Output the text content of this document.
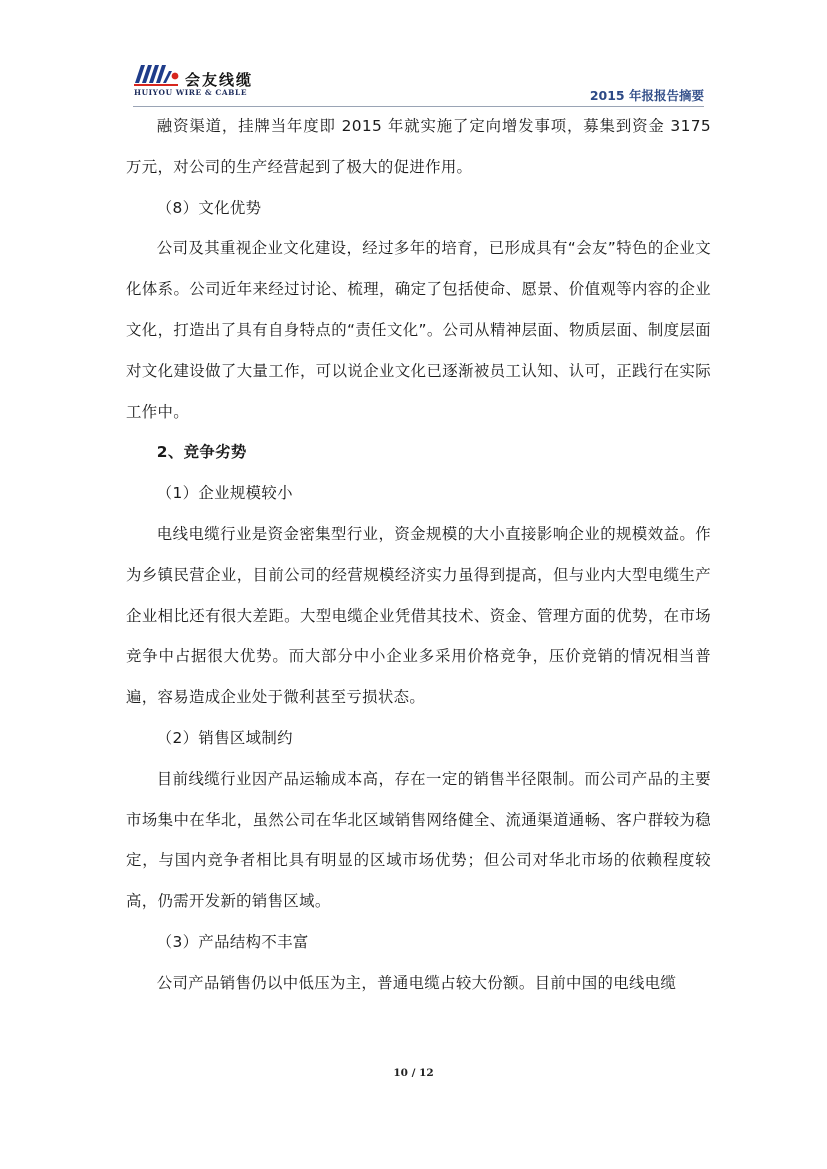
会友线缆
HUIYOU WIRE & CABLE	2015 年报报告摘要

融资渠道，挂牌当年度即 2015 年就实施了定向增发事项，募集到资金 3175 万元，对公司的生产经营起到了极大的促进作用。

（8）文化优势

公司及其重视企业文化建设，经过多年的培育，已形成具有“会友”特色的企业文化体系。公司近年来经过讨论、梳理，确定了包括使命、愿景、价值观等内容的企业文化，打造出了具有自身特点的“责任文化”。公司从精神层面、物质层面、制度层面对文化建设做了大量工作，可以说企业文化已逐渐被员工认知、认可，正践行在实际工作中。

2、竞争劣势

（1）企业规模较小

电线电缆行业是资金密集型行业，资金规模的大小直接影响企业的规模效益。作为乡镇民营企业，目前公司的经营规模经济实力虽得到提高，但与业内大型电缆生产企业相比还有很大差距。大型电缆企业凭借其技术、资金、管理方面的优势，在市场竞争中占据很大优势。而大部分中小企业多采用价格竞争，压价竞销的情况相当普遍，容易造成企业处于微利甚至亏损状态。

（2）销售区域制约

目前线缆行业因产品运输成本高，存在一定的销售半径限制。而公司产品的主要市场集中在华北，虽然公司在华北区域销售网络健全、流通渠道通畅、客户群较为稳定，与国内竞争者相比具有明显的区域市场优势；但公司对华北市场的依赖程度较高，仍需开发新的销售区域。

（3）产品结构不丰富

公司产品销售仍以中低压为主，普通电缆占较大份额。目前中国的电线电缆

10 / 12
